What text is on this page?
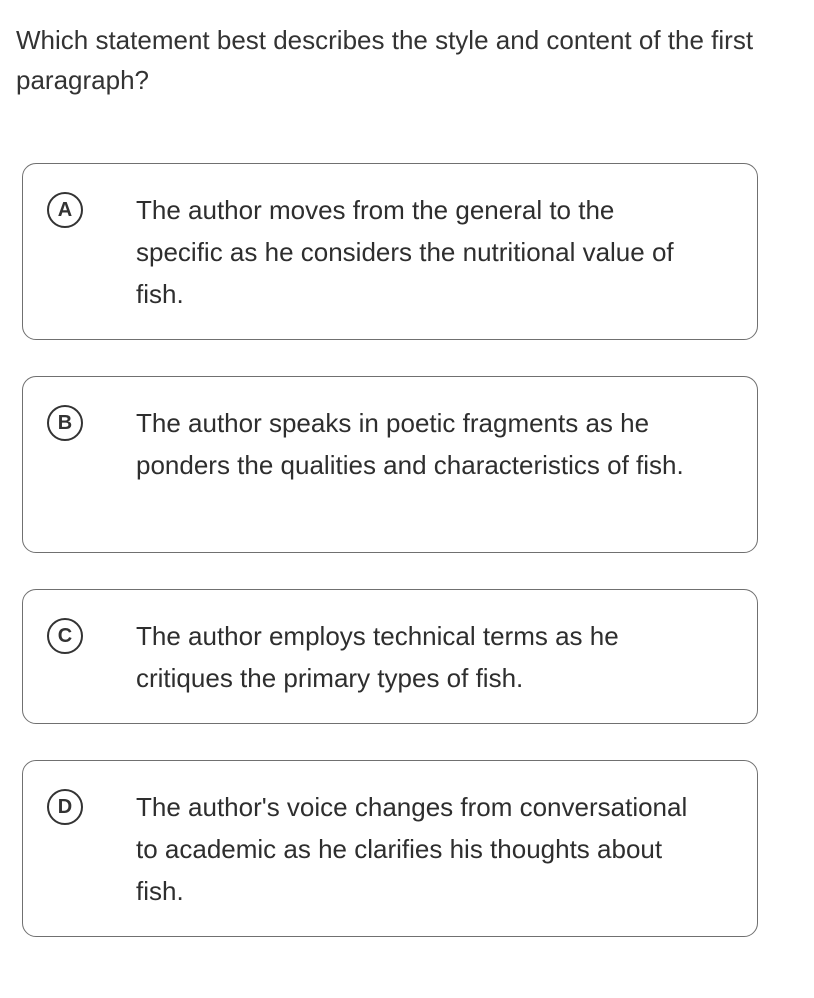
Which statement best describes the style and content of the first paragraph?

A	The author moves from the general to the specific as he considers the nutritional value of fish.
B	The author speaks in poetic fragments as he ponders the qualities and characteristics of fish.
C	The author employs technical terms as he critiques the primary types of fish.
D	The author's voice changes from conversational to academic as he clarifies his thoughts about fish.
